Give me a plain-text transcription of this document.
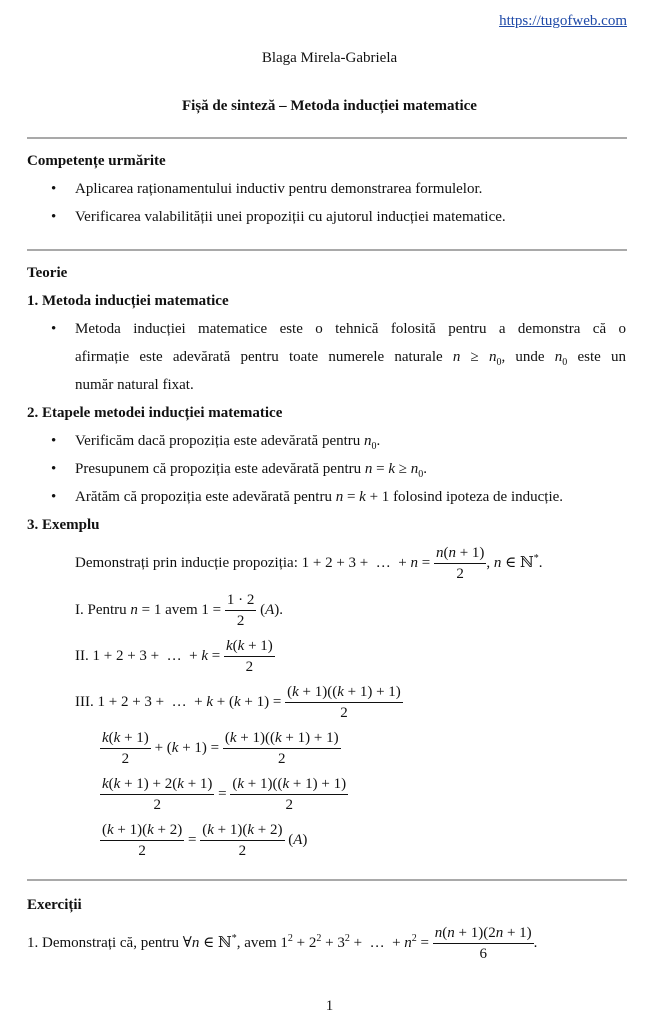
https://tugofweb.com
Blaga Mirela-Gabriela
Fișă de sinteză – Metoda inducției matematice
Competențe urmărite
• Aplicarea raționamentului inductiv pentru demonstrarea formulelor.
• Verificarea valabilității unei propoziții cu ajutorul inducției matematice.
Teorie
1. Metoda inducției matematice
• Metoda inducției matematice este o tehnică folosită pentru a demonstra că o
afirmație este adevărată pentru toate numerele naturale $n \ge n_0$, unde $n_0$ este un
număr natural fixat.
2. Etapele metodei inducției matematice
• Verificăm dacă propoziția este adevărată pentru $n_0$.
• Presupunem că propoziția este adevărată pentru $n = k \ge n_0$.
• Arătăm că propoziția este adevărată pentru n = k + 1 folosind ipoteza de inducție.
3. Exemplu
Demonstrați prin inducție propoziția: 1 + 2 + 3 +  …  + $n = \frac{n(n + 1)}{2}$ , n ∈ ℕ*.
I. Pentru n = 1 avem $1 = \frac{1 \cdot 2}{2} (A)$.
II. 1 + 2 + 3 +  …  + $k = \frac{k(k + 1)}{2}$
III. 1 + 2 + 3 +  …  + $k + (k + 1) = \frac{(k + 1)((k + 1) + 1)}{2}$
$\frac{k(k + 1)}{2} + (k + 1) = \frac{(k + 1)((k + 1) + 1)}{2}$
$\frac{k(k + 1) + 2(k + 1)}{2} = \frac{(k + 1)((k + 1) + 1)}{2}$
$\frac{(k + 1)(k + 2)}{2} = \frac{(k + 1)(k + 2)}{2} (A)$
Exerciții
1. Demonstrați că, pentru ∀n ∈ ℕ*, avem $1^2 + 2^2 + 3^2$ +  …  + $n^2 = \frac{n(n + 1)(2n + 1)}{6}$ .
1
